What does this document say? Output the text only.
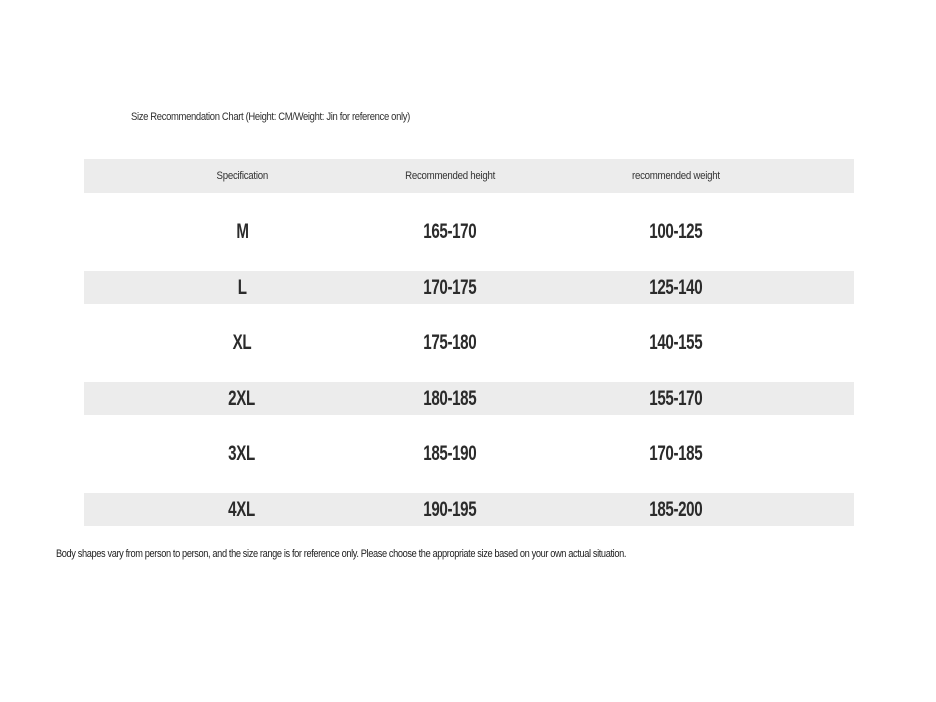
Size Recommendation Chart (Height: CM/Weight: Jin for reference only)
Specification	Recommended height	recommended weight
M	165-170	100-125
L	170-175	125-140
XL	175-180	140-155
2XL	180-185	155-170
3XL	185-190	170-185
4XL	190-195	185-200
Body shapes vary from person to person, and the size range is for reference only. Please choose the appropriate size based on your own actual situation.
